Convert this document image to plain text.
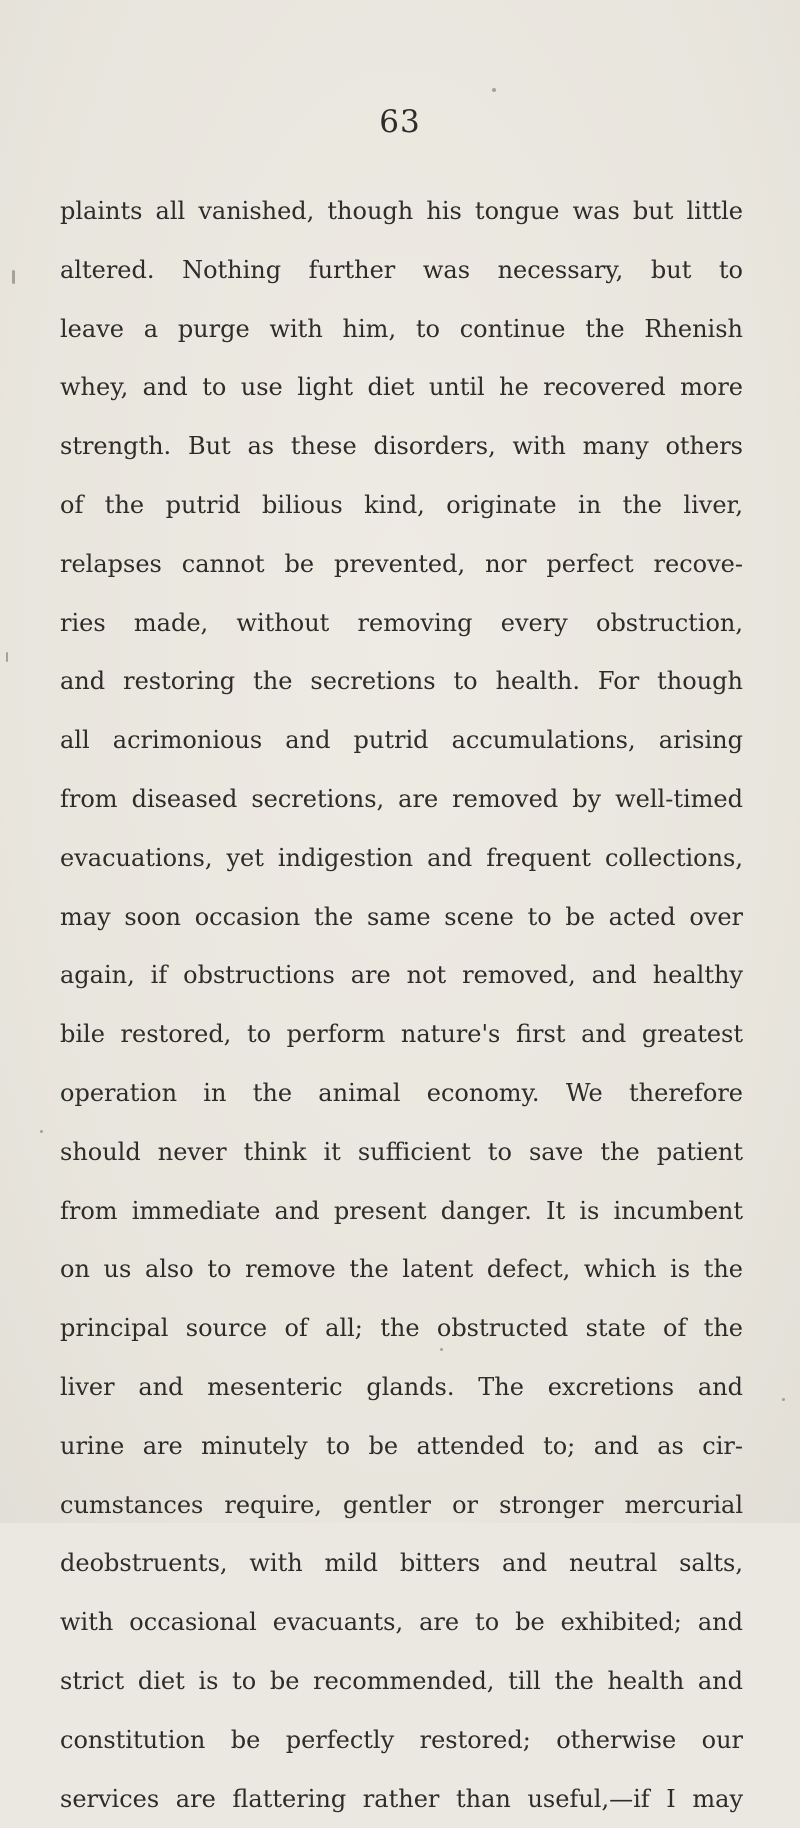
63
plaints all vanished, though his tongue was but little
altered. Nothing further was necessary, but to
leave a purge with him, to continue the Rhenish
whey, and to use light diet until he recovered more
strength. But as these disorders, with many others
of the putrid bilious kind, originate in the liver,
relapses cannot be prevented, nor perfect recove-
ries made, without removing every obstruction,
and restoring the secretions to health. For though
all acrimonious and putrid accumulations, arising
from diseased secretions, are removed by well-timed
evacuations, yet indigestion and frequent collections,
may soon occasion the same scene to be acted over
again, if obstructions are not removed, and healthy
bile restored, to perform nature's first and greatest
operation in the animal economy. We therefore
should never think it sufficient to save the patient
from immediate and present danger. It is incumbent
on us also to remove the latent defect, which is the
principal source of all; the obstructed state of the
liver and mesenteric glands. The excretions and
urine are minutely to be attended to; and as cir-
cumstances require, gentler or stronger mercurial
deobstruents, with mild bitters and neutral salts,
with occasional evacuants, are to be exhibited; and
strict diet is to be recommended, till the health and
constitution be perfectly restored; otherwise our
services are flattering rather than useful,—if I may
